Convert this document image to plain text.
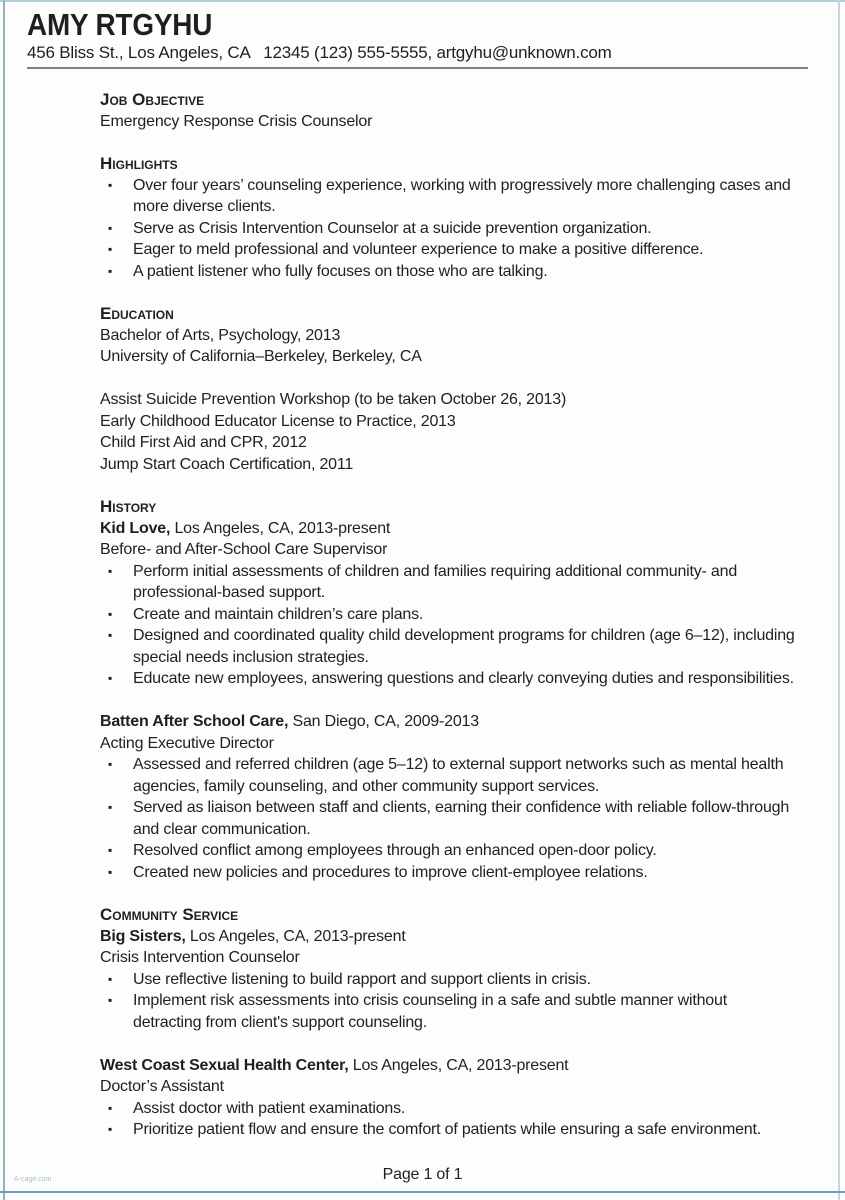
AMY RTGYHU
456 Bliss St., Los Angeles, CA   12345 (123) 555-5555, artgyhu@unknown.com
Job Objective
Emergency Response Crisis Counselor
Highlights
▪ Over four years’ counseling experience, working with progressively more challenging cases and more diverse clients.
▪ Serve as Crisis Intervention Counselor at a suicide prevention organization.
▪ Eager to meld professional and volunteer experience to make a positive difference.
▪ A patient listener who fully focuses on those who are talking.
Education
Bachelor of Arts, Psychology, 2013
University of California–Berkeley, Berkeley, CA
Assist Suicide Prevention Workshop (to be taken October 26, 2013)
Early Childhood Educator License to Practice, 2013
Child First Aid and CPR, 2012
Jump Start Coach Certification, 2011
History
Kid Love, Los Angeles, CA, 2013-present
Before- and After-School Care Supervisor
▪ Perform initial assessments of children and families requiring additional community- and professional-based support.
▪ Create and maintain children’s care plans.
▪ Designed and coordinated quality child development programs for children (age 6–12), including special needs inclusion strategies.
▪ Educate new employees, answering questions and clearly conveying duties and responsibilities.
Batten After School Care, San Diego, CA, 2009-2013
Acting Executive Director
▪ Assessed and referred children (age 5–12) to external support networks such as mental health agencies, family counseling, and other community support services.
▪ Served as liaison between staff and clients, earning their confidence with reliable follow-through and clear communication.
▪ Resolved conflict among employees through an enhanced open-door policy.
▪ Created new policies and procedures to improve client-employee relations.
Community Service
Big Sisters, Los Angeles, CA, 2013-present
Crisis Intervention Counselor
▪ Use reflective listening to build rapport and support clients in crisis.
▪ Implement risk assessments into crisis counseling in a safe and subtle manner without detracting from client's support counseling.
West Coast Sexual Health Center, Los Angeles, CA, 2013-present
Doctor’s Assistant
▪ Assist doctor with patient examinations.
▪ Prioritize patient flow and ensure the comfort of patients while ensuring a safe environment.
A-cage.com	Page 1 of 1
